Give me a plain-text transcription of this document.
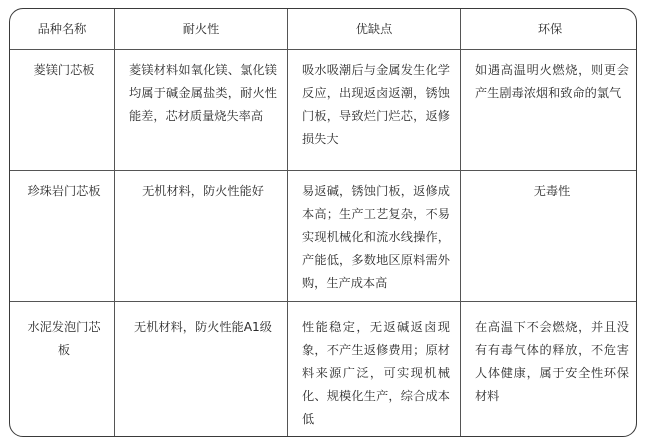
品种名称	耐火性	优缺点	环保

菱镁门芯板	菱镁材料如氧化镁、氯化镁均属于碱金属盐类，耐火性能差，芯材质量烧失率高	吸水吸潮后与金属发生化学反应，出现返卤返潮，锈蚀门板，导致烂门烂芯，返修损失大	如遇高温明火燃烧，则更会产生剧毒浓烟和致命的氯气

珍珠岩门芯板	无机材料，防火性能好	易返碱，锈蚀门板，返修成本高；生产工艺复杂，不易实现机械化和流水线操作，产能低，多数地区原料需外购，生产成本高	无毒性

水泥发泡门芯板	无机材料，防火性能A1级	性能稳定，无返碱返卤现象，不产生返修费用；原材料来源广泛，可实现机械化、规模化生产，综合成本低	在高温下不会燃烧，并且没有有毒气体的释放，不危害人体健康，属于安全性环保材料
